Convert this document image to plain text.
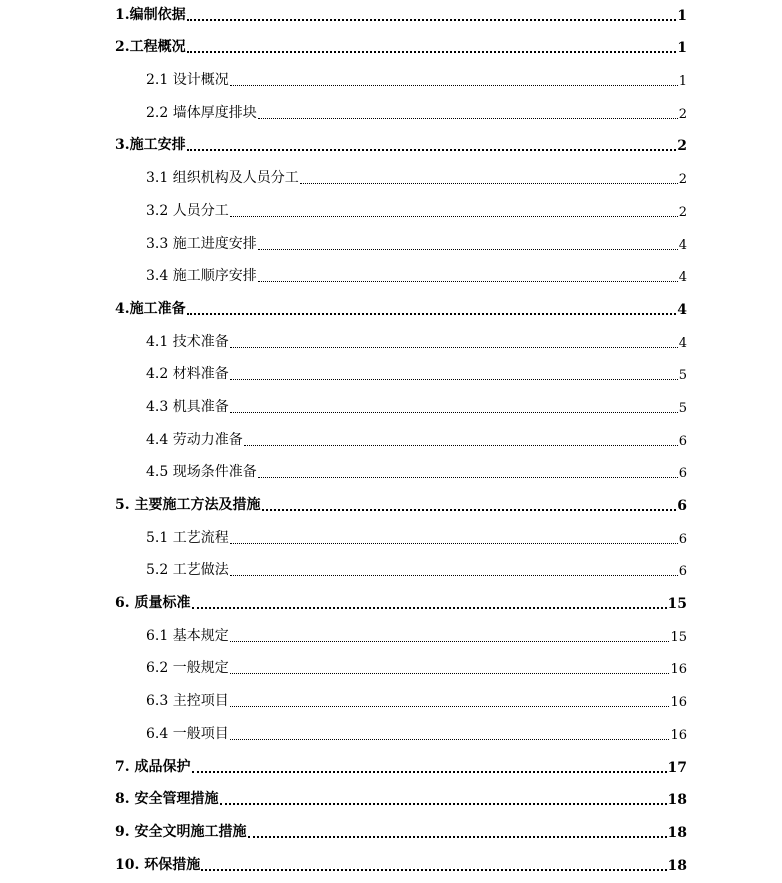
1.编制依据	1
2.工程概况	1
2.1 设计概况	1
2.2 墙体厚度排块	2
3.施工安排	2
3.1 组织机构及人员分工	2
3.2 人员分工	2
3.3 施工进度安排	4
3.4 施工顺序安排	4
4.施工准备	4
4.1 技术准备	4
4.2 材料准备	5
4.3 机具准备	5
4.4 劳动力准备	6
4.5 现场条件准备	6
5. 主要施工方法及措施	6
5.1 工艺流程	6
5.2 工艺做法	6
6. 质量标准	15
6.1 基本规定	15
6.2 一般规定	16
6.3 主控项目	16
6.4 一般项目	16
7. 成品保护	17
8. 安全管理措施	18
9. 安全文明施工措施	18
10. 环保措施	18
